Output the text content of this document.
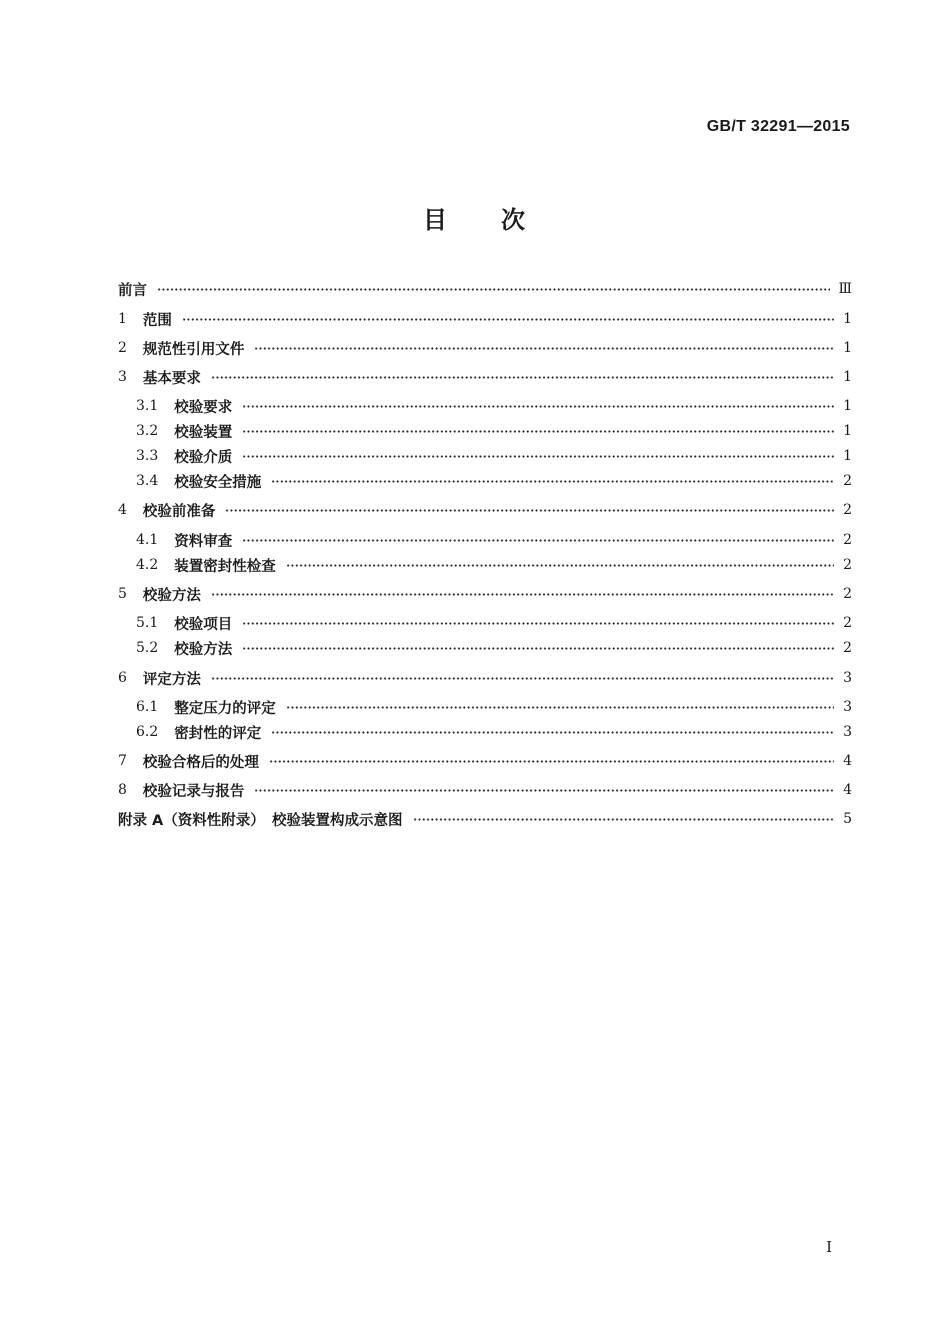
GB/T 32291—2015
目　　次
前言	Ⅲ
1 范围	1
2 规范性引用文件	1
3 基本要求	1
3.1 校验要求	1
3.2 校验装置	1
3.3 校验介质	1
3.4 校验安全措施	2
4 校验前准备	2
4.1 资料审查	2
4.2 装置密封性检查	2
5 校验方法	2
5.1 校验项目	2
5.2 校验方法	2
6 评定方法	3
6.1 整定压力的评定	3
6.2 密封性的评定	3
7 校验合格后的处理	4
8 校验记录与报告	4
附录 A（资料性附录）　校验装置构成示意图	5
I
